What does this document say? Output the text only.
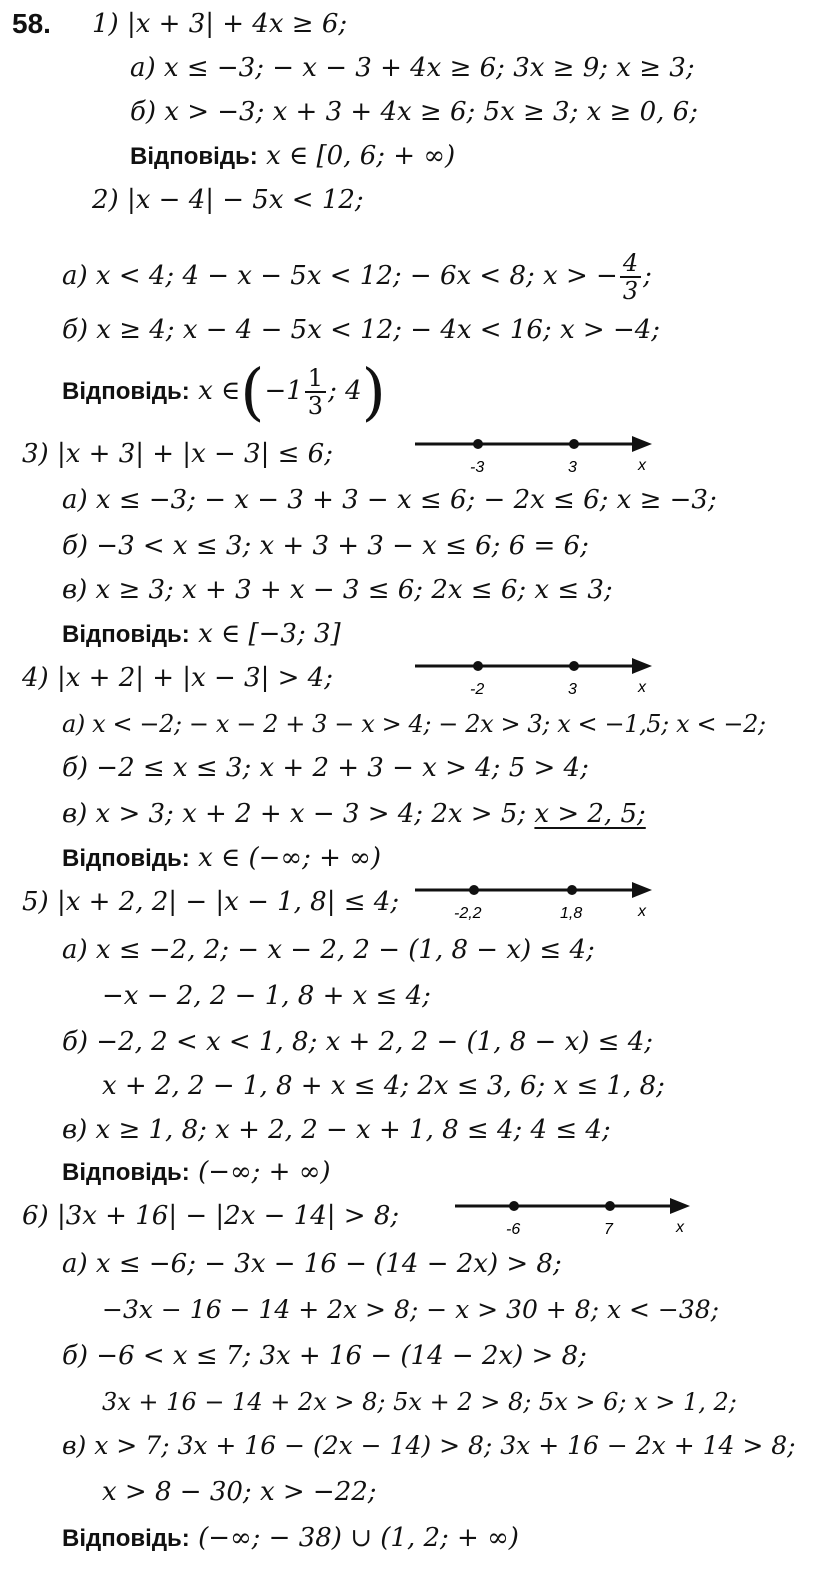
58. 1) |x + 3| + 4x ≥ 6;
а) x ≤ −3; − x − 3 + 4x ≥ 6; 3x ≥ 9; x ≥ 3;
б) x > −3; x + 3 + 4x ≥ 6; 5x ≥ 3; x ≥ 0, 6;
Відповідь: x ∈ [0, 6; + ∞)
2) |x − 4| − 5x < 12;
а) x < 4; 4 − x − 5x < 12; − 6x < 8; x > − $\frac{4}{3}$ ;
б) x ≥ 4; x − 4 − 5x < 12; − 4x < 16; x > −4;
Відповідь: x ∈(−1 $\frac{1}{3}$ ; 4)
3) |x + 3| + |x − 3| ≤ 6;	-3	3	x
а) x ≤ −3; − x − 3 + 3 − x ≤ 6; − 2x ≤ 6; x ≥ −3;
б) −3 < x ≤ 3; x + 3 + 3 − x ≤ 6; 6 = 6;
в) x ≥ 3; x + 3 + x − 3 ≤ 6; 2x ≤ 6; x ≤ 3;
Відповідь: x ∈ [−3; 3]
4) |x + 2| + |x − 3| > 4;	-2	3	x
а) x < −2; − x − 2 + 3 − x > 4; − 2x > 3; x < −1,5; x < −2;
б) −2 ≤ x ≤ 3; x + 2 + 3 − x > 4; 5 > 4;
в) x > 3; x + 2 + x − 3 > 4; 2x > 5; x > 2, 5;
Відповідь: x ∈ (−∞; + ∞)
5) |x + 2, 2| − |x − 1, 8| ≤ 4;	-2,2	1,8	x
а) x ≤ −2, 2; − x − 2, 2 − (1, 8 − x) ≤ 4;
−x − 2, 2 − 1, 8 + x ≤ 4;
б) −2, 2 < x < 1, 8; x + 2, 2 − (1, 8 − x) ≤ 4;
x + 2, 2 − 1, 8 + x ≤ 4; 2x ≤ 3, 6; x ≤ 1, 8;
в) x ≥ 1, 8; x + 2, 2 − x + 1, 8 ≤ 4; 4 ≤ 4;
Відповідь: (−∞; + ∞)
6) |3x + 16| − |2x − 14| > 8;	-6	7	x
а) x ≤ −6; − 3x − 16 − (14 − 2x) > 8;
−3x − 16 − 14 + 2x > 8; − x > 30 + 8; x < −38;
б) −6 < x ≤ 7; 3x + 16 − (14 − 2x) > 8;
3x + 16 − 14 + 2x > 8; 5x + 2 > 8; 5x > 6; x > 1, 2;
в) x > 7; 3x + 16 − (2x − 14) > 8; 3x + 16 − 2x + 14 > 8;
x > 8 − 30; x > −22;
Відповідь: (−∞; − 38) ∪ (1, 2; + ∞)
